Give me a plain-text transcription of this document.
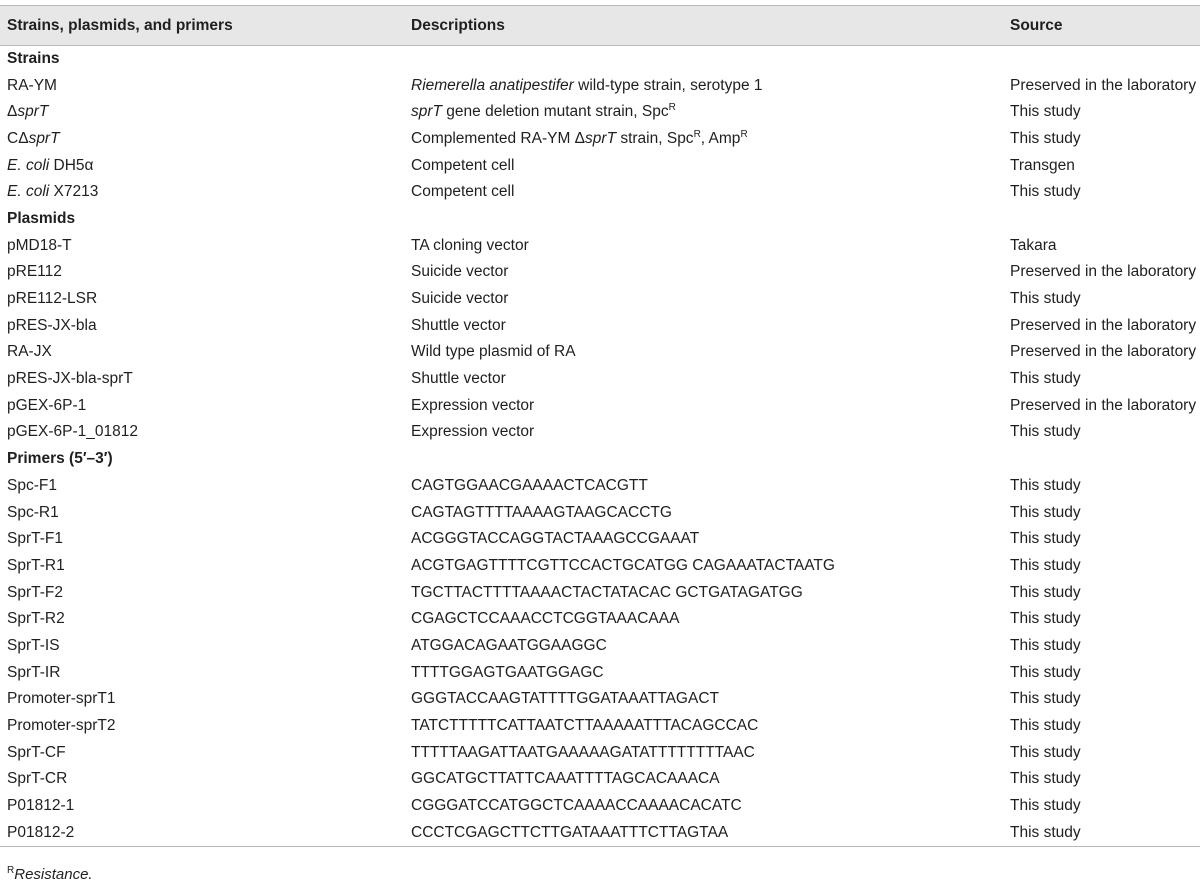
Strains, plasmids, and primers	Descriptions	Source
Strains		
RA-YM	Riemerella anatipestifer wild-type strain, serotype 1	Preserved in the laboratory
ΔsprT	sprT gene deletion mutant strain, Spc$^R$	This study
CΔsprT	Complemented RA-YM ΔsprT strain, Spc$^R$, Amp$^R$	This study
E. coli DH5α	Competent cell	Transgen
E. coli X7213	Competent cell	This study
Plasmids		
pMD18-T	TA cloning vector	Takara
pRE112	Suicide vector	Preserved in the laboratory
pRE112-LSR	Suicide vector	This study
pRES-JX-bla	Shuttle vector	Preserved in the laboratory
RA-JX	Wild type plasmid of RA	Preserved in the laboratory
pRES-JX-bla-sprT	Shuttle vector	This study
pGEX-6P-1	Expression vector	Preserved in the laboratory
pGEX-6P-1_01812	Expression vector	This study
Primers (5′–3′)		
Spc-F1	CAGTGGAACGAAAACTCACGTT	This study
Spc-R1	CAGTAGTTTTAAAAGTAAGCACCTG	This study
SprT-F1	ACGGGTACCAGGTACTAAAGCCGAAAT	This study
SprT-R1	ACGTGAGTTTTCGTTCCACTGCATGG CAGAAATACTAATG	This study
SprT-F2	TGCTTACTTTTAAAACTACTATACAC GCTGATAGATGG	This study
SprT-R2	CGAGCTCCAAACCTCGGTAAACAAA	This study
SprT-IS	ATGGACAGAATGGAAGGC	This study
SprT-IR	TTTTGGAGTGAATGGAGC	This study
Promoter-sprT1	GGGTACCAAGTATTTTGGATAAATTAGACT	This study
Promoter-sprT2	TATCTTTTTCATTAATCTTAAAAATTTACAGCCAC	This study
SprT-CF	TTTTTAAGATTAATGAAAAAGATATTTTTTTTAAC	This study
SprT-CR	GGCATGCTTATTCAAATTTTAGCACAAACA	This study
P01812-1	CGGGATCCATGGCTCAAAACCAAAACACATC	This study
P01812-2	CCCTCGAGCTTCTTGATAAATTTCTTAGTAA	This study
$^R$Resistance.
